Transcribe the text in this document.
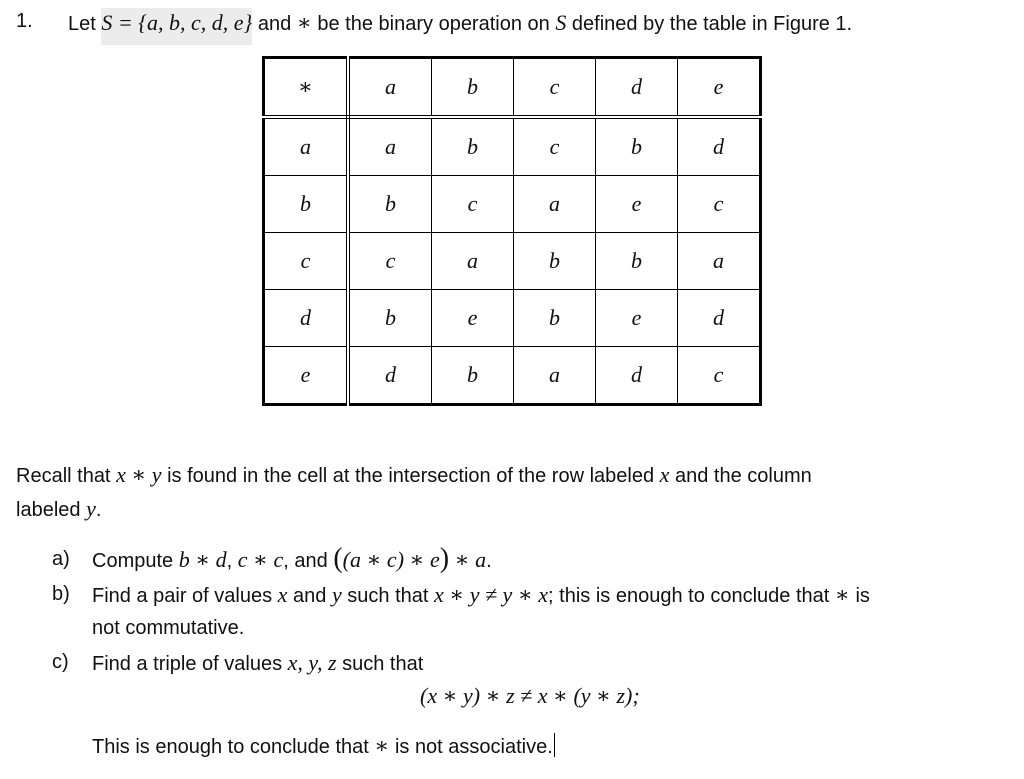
1. Let S = {a, b, c, d, e} and ∗ be the binary operation on S defined by the table in Figure 1.
∗	a	b	c	d	e
a	a	b	c	b	d
b	b	c	a	e	c
c	c	a	b	b	a
d	b	e	b	e	d
e	d	b	a	d	c
Recall that x ∗ y is found in the cell at the intersection of the row labeled x and the column
labeled y.
a) Compute b ∗ d, c ∗ c, and ((a ∗ c) ∗ e) ∗ a.
b) Find a pair of values x and y such that x ∗ y ≠ y ∗ x; this is enough to conclude that ∗ is
not commutative.
c) Find a triple of values x, y, z such that
(x ∗ y) ∗ z ≠ x ∗ (y ∗ z);
This is enough to conclude that ∗ is not associative.
